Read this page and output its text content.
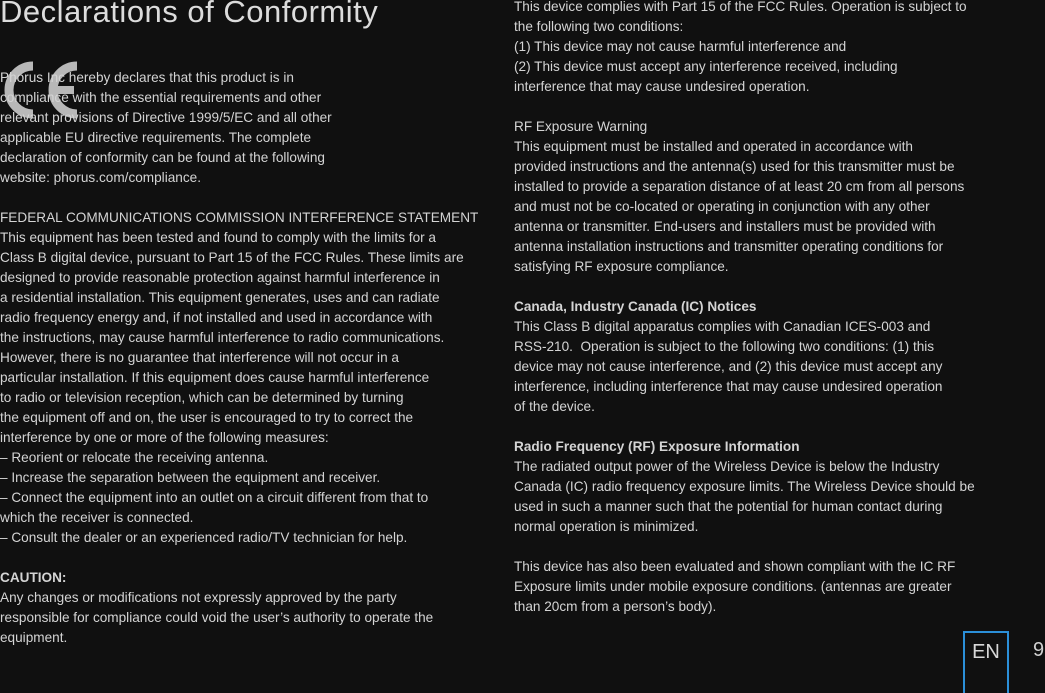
Declarations of Conformity

Phorus Inc hereby declares that this product is in
compliance with the essential requirements and other
relevant provisions of Directive 1999/5/EC and all other
applicable EU directive requirements. The complete
declaration of conformity can be found at the following
website: phorus.com/compliance.

FEDERAL COMMUNICATIONS COMMISSION INTERFERENCE STATEMENT
This equipment has been tested and found to comply with the limits for a
Class B digital device, pursuant to Part 15 of the FCC Rules. These limits are
designed to provide reasonable protection against harmful interference in
a residential installation. This equipment generates, uses and can radiate
radio frequency energy and, if not installed and used in accordance with
the instructions, may cause harmful interference to radio communications.
However, there is no guarantee that interference will not occur in a
particular installation. If this equipment does cause harmful interference
to radio or television reception, which can be determined by turning
the equipment off and on, the user is encouraged to try to correct the
interference by one or more of the following measures:
– Reorient or relocate the receiving antenna.
– Increase the separation between the equipment and receiver.
– Connect the equipment into an outlet on a circuit different from that to
which the receiver is connected.
– Consult the dealer or an experienced radio/TV technician for help.

CAUTION:
Any changes or modifications not expressly approved by the party
responsible for compliance could void the user’s authority to operate the
equipment.

This device complies with Part 15 of the FCC Rules. Operation is subject to
the following two conditions:
(1) This device may not cause harmful interference and
(2) This device must accept any interference received, including
interference that may cause undesired operation.

RF Exposure Warning
This equipment must be installed and operated in accordance with
provided instructions and the antenna(s) used for this transmitter must be
installed to provide a separation distance of at least 20 cm from all persons
and must not be co-located or operating in conjunction with any other
antenna or transmitter. End-users and installers must be provided with
antenna installation instructions and transmitter operating conditions for
satisfying RF exposure compliance.

Canada, Industry Canada (IC) Notices
This Class B digital apparatus complies with Canadian ICES-003 and
RSS-210.  Operation is subject to the following two conditions: (1) this
device may not cause interference, and (2) this device must accept any
interference, including interference that may cause undesired operation
of the device.

Radio Frequency (RF) Exposure Information
The radiated output power of the Wireless Device is below the Industry
Canada (IC) radio frequency exposure limits. The Wireless Device should be
used in such a manner such that the potential for human contact during
normal operation is minimized.

This device has also been evaluated and shown compliant with the IC RF
Exposure limits under mobile exposure conditions. (antennas are greater
than 20cm from a person’s body).

EN	9
